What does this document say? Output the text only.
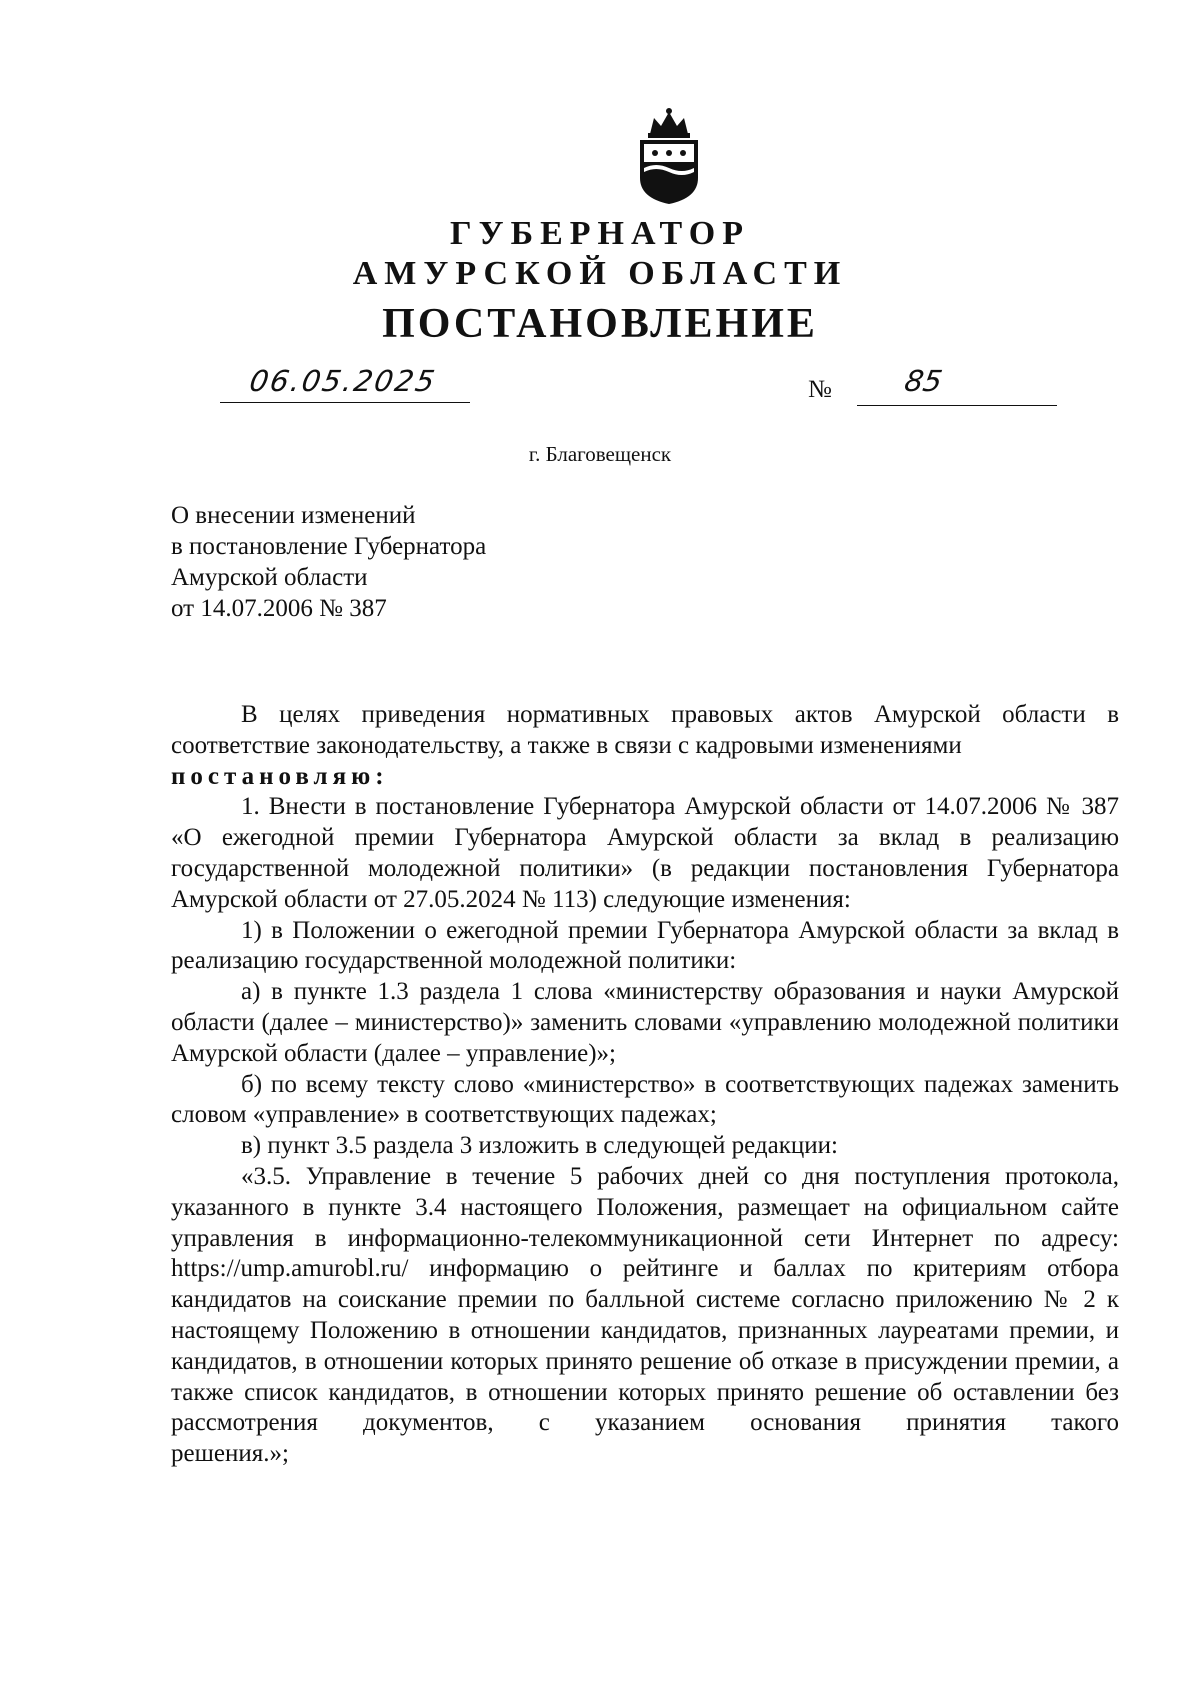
ГУБЕРНАТОР
АМУРСКОЙ ОБЛАСТИ
ПОСТАНОВЛЕНИЕ
06.05.2025	№ 85
г. Благовещенск
О внесении изменений
в постановление Губернатора
Амурской области
от 14.07.2006 № 387

В целях приведения нормативных правовых актов Амурской области в соответствие законодательству, а также в связи с кадровыми изменениями

постановляю:

1. Внести в постановление Губернатора Амурской области от 14.07.2006 № 387 «О ежегодной премии Губернатора Амурской области за вклад в реализацию государственной молодежной политики» (в редакции постановления Губернатора Амурской области от 27.05.2024 № 113) следующие изменения:

1) в Положении о ежегодной премии Губернатора Амурской области за вклад в реализацию государственной молодежной политики:

а) в пункте 1.3 раздела 1 слова «министерству образования и науки Амурской области (далее – министерство)» заменить словами «управлению молодежной политики Амурской области (далее – управление)»;

б) по всему тексту слово «министерство» в соответствующих падежах заменить словом «управление» в соответствующих падежах;

в) пункт 3.5 раздела 3 изложить в следующей редакции:

«3.5. Управление в течение 5 рабочих дней со дня поступления протокола, указанного в пункте 3.4 настоящего Положения, размещает на официальном сайте управления в информационно-телекоммуникационной сети Интернет по адресу: https://ump.amurobl.ru/ информацию о рейтинге и баллах по критериям отбора кандидатов на соискание премии по балльной системе согласно приложению № 2 к настоящему Положению в отношении кандидатов, признанных лауреатами премии, и кандидатов, в отношении которых принято решение об отказе в присуждении премии, а также список кандидатов, в отношении которых принято решение об оставлении без рассмотрения документов, с указанием основания принятия такого

решения.»;
